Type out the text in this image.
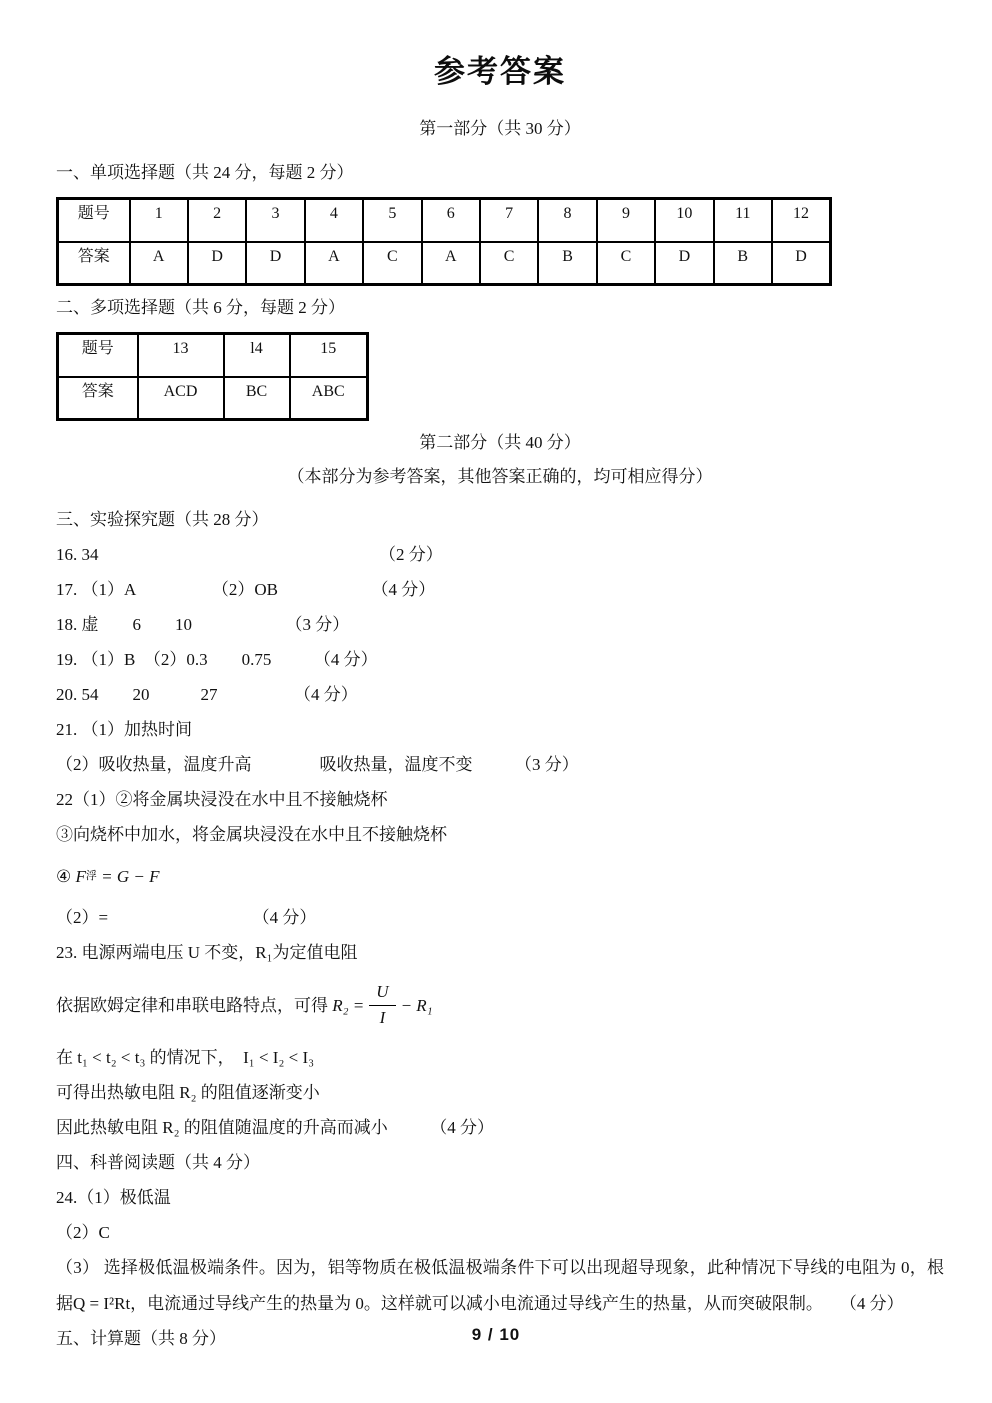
参考答案
第一部分（共 30 分）
一、单项选择题（共 24 分，每题 2 分）
题号	1	2	3	4	5	6	7	8	9	10	11	12
答案	A	D	D	A	C	A	C	B	C	D	B	D
二、多项选择题（共 6 分，每题 2 分）
题号	13	l4	15
答案	ACD	BC	ABC
第二部分（共 40 分）
（本部分为参考答案，其他答案正确的，均可相应得分）
三、实验探究题（共 28 分）
16. 34　　　　　　　　　　　　　　　　　（2 分）
17. （1）A　　　　　（2）OB　　　　　　（4 分）
18. 虚　　6　　10　　　　　　（3 分）
19. （1）B　（2）0.3　　0.75　　　（4 分）
20. 54　　20　　　27　　　　　（4 分）
21. （1）加热时间
（2）吸收热量，温度升高　　　　吸收热量，温度不变　　　（3 分）
22（1）②将金属块浸没在水中且不接触烧杯
③向烧杯中加水，将金属块浸没在水中且不接触烧杯
④ F 浮 = G − F
（2）=　　　　　　　　　（4 分）
23. 电源两端电压 U 不变，R₁为定值电阻
依据欧姆定律和串联电路特点，可得 $R_2 = \frac{U}{I} - R_1$
在 t₁ < t₂ < t₃ 的情况下，  I₁ < I₂ < I₃
可得出热敏电阻 R₂ 的阻值逐渐变小
因此热敏电阻 R₂ 的阻值随温度的升高而减小　　　（4 分）
四、科普阅读题（共 4 分）
24.（1）极低温
（2）C
（3） 选择极低温极端条件。因为，铝等物质在极低温极端条件下可以出现超导现象，此种情况下导线的电阻为 0，根据Q = I²Rt，电流通过导线产生的热量为 0。这样就可以减小电流通过导线产生的热量，从而突破限制。　　（4 分）
五、计算题（共 8 分）	9 / 10
